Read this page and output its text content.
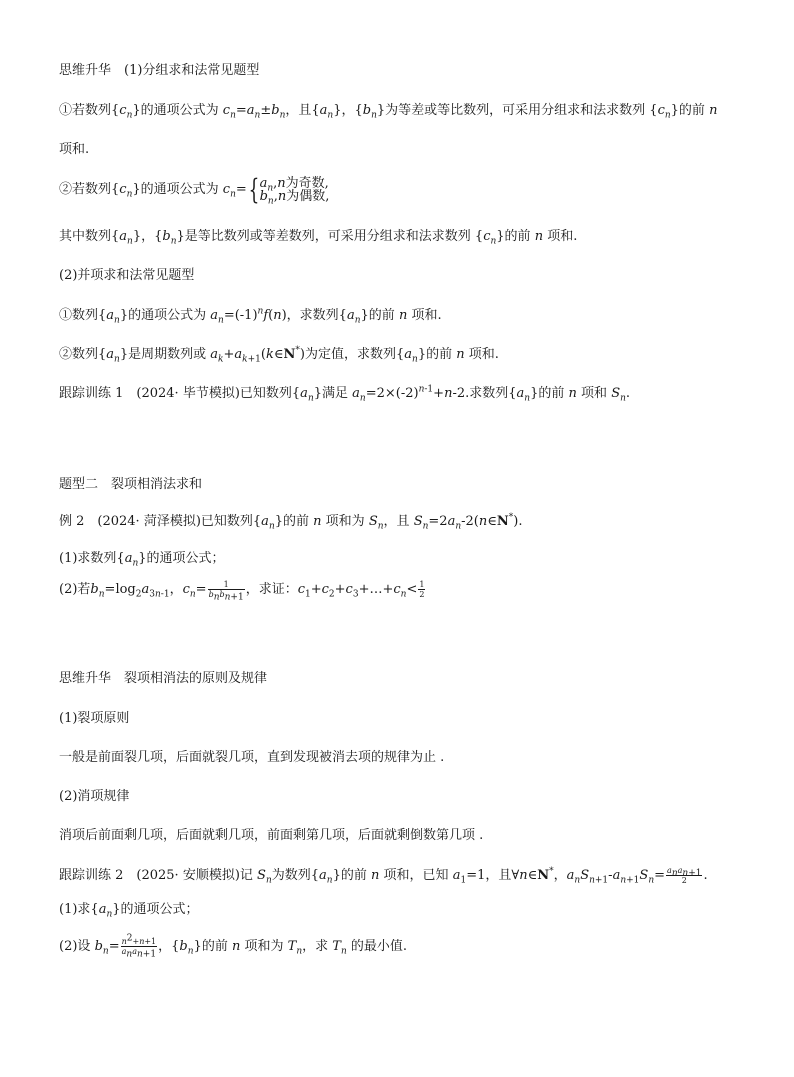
思维升华　(1)分组求和法常见题型
①若数列$\{c_n\}$的通项公式为 $c_n=a_n\pm b_n$，且$\{a_n\}$，$\{b_n\}$为等差或等比数列，可采用分组求和法求数列 $\{c_n\}$的前 n
项和.
②若数列$\{c_n\}$的通项公式为 $c_n=${ $a_n,n$为奇数,
$b_n,n$为偶数,
其中数列$\{a_n\}$，$\{b_n\}$是等比数列或等差数列，可采用分组求和法求数列 $\{c_n\}$的前 n 项和.
(2)并项求和法常见题型
①数列$\{a_n\}$的通项公式为 $a_n=(-1)^nf(n)$，求数列$\{a_n\}$的前 n 项和.
②数列$\{a_n\}$是周期数列或 $a_k+a_{k+1}(k\in N^*)$为定值，求数列$\{a_n\}$的前 n 项和.
跟踪训练 1　(2024· 毕节模拟)已知数列$\{a_n\}$满足 $a_n=2\times(-2)^{n-1}+n-2$.求数列$\{a_n\}$的前 n 项和 $S_n$.
题型二　裂项相消法求和
例 2　(2024· 菏泽模拟)已知数列$\{a_n\}$的前 n 项和为 $S_n$，且 $S_n=2a_n-2(n\in N^*)$.
(1)求数列$\{a_n\}$的通项公式；
(2)若$b_n=\log_2a_{3n-1}$，$c_n= \frac{1}{b_nb_{n+1}}$ ，求证：$c_1+c_2+c_3+\dots+c_n< \frac{1}{2}$
思维升华　裂项相消法的原则及规律
(1)裂项原则
一般是前面裂几项，后面就裂几项，直到发现被消去项的规律为止 .
(2)消项规律
消项后前面剩几项，后面就剩几项，前面剩第几项，后面就剩倒数第几项 .
跟踪训练 2　(2025· 安顺模拟)记 $S_n$为数列$\{a_n\}$的前 n 项和，已知 $a_1=1$，且∀n∈N*，$a_nS_{n+1}-a_{n+1}S_n= \frac{a_na_{n+1}}{2}$ .
(1)求$\{a_n\}$的通项公式；
(2)设 $b_n= \frac{n^2+n+1}{a_na_{n+1}}$ ，$\{b_n\}$的前 n 项和为 $T_n$，求 $T_n$ 的最小值.
